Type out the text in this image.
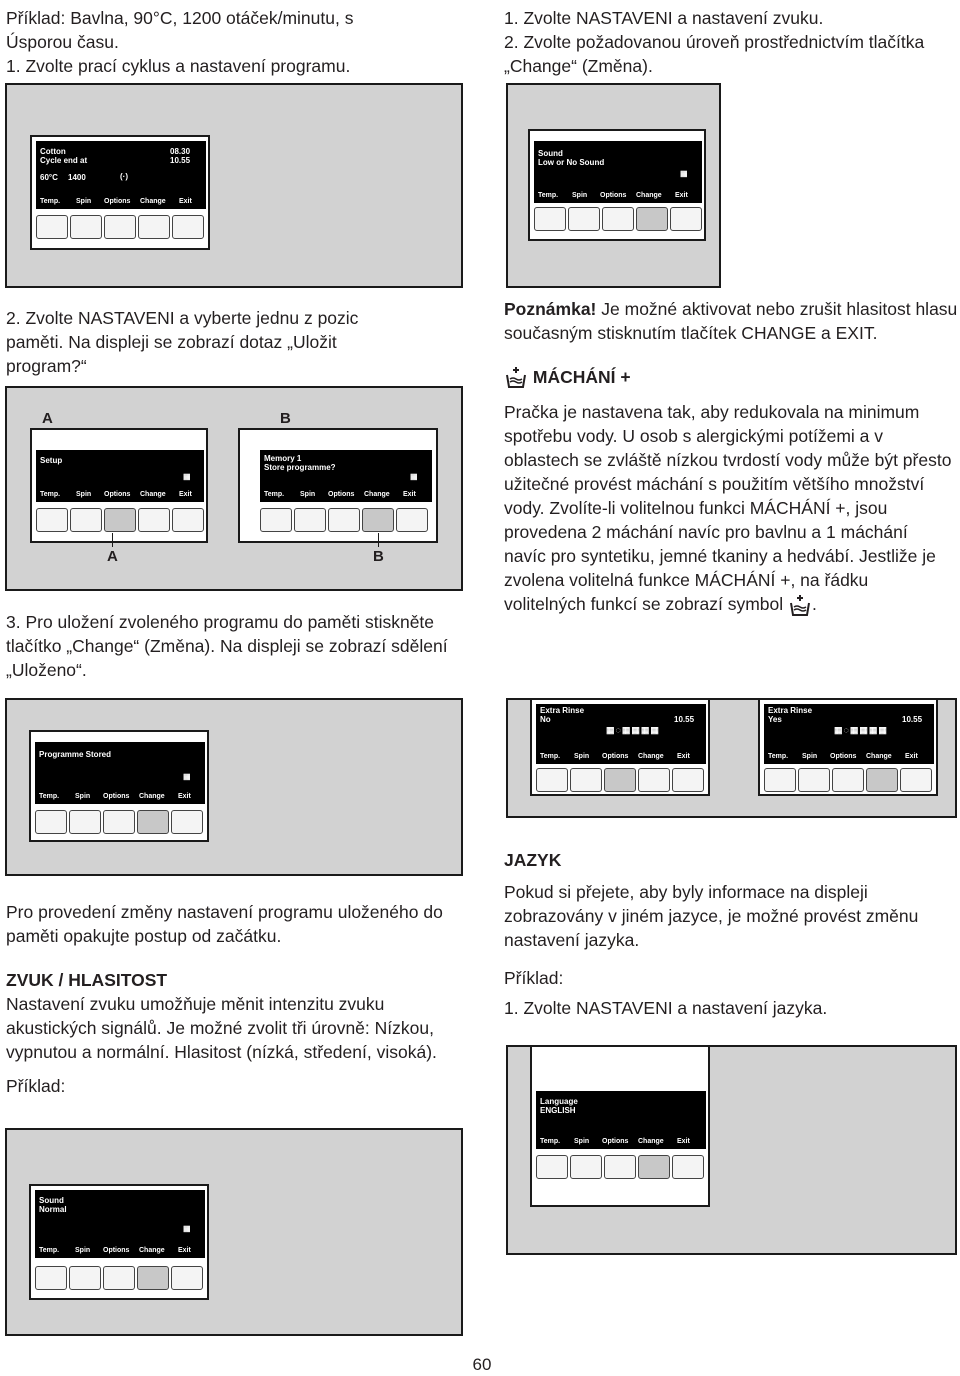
Příklad: Bavlna, 90°C, 1200 otáček/minutu, s Úsporou času.

1. Zvolte prací cyklus a nastavení programu.

Cotton
Cycle end at
08.30
10.55
60°C 1400	(·)
Temp. Spin Options Change Exit

2. Zvolte NASTAVENI a vyberte jednu z pozic paměti. Na displeji se zobrazí dotaz „Uložit program?“

A	B
Setup
▦
Temp. Spin Options Change Exit
Memory 1
Store programme?
▦
Temp. Spin Options Change Exit
A	B

3. Pro uložení zvoleného programu do paměti stiskněte tlačítko „Change“ (Změna). Na displeji se zobrazí sdělení „Uloženo“.

Programme Stored
▦
Temp. Spin Options Change Exit

Pro provedení změny nastavení programu uloženého do paměti opakujte postup od začátku.

ZVUK / HLASITOST

Nastavení zvuku umožňuje měnit intenzitu zvuku akustických signálů. Je možné zvolit tři úrovně: Nízkou, vypnutou a normální. Hlasitost (nízká, středení, visoká).

Příklad:

Sound
Normal
▦
Temp. Spin Options Change Exit

1. Zvolte NASTAVENI a nastavení zvuku.

2. Zvolte požadovanou úroveň prostřednictvím tlačítka „Change“ (Změna).

Sound
Low or No Sound
▦
Temp. Spin Options Change Exit

Poznámka! Je možné aktivovat nebo zrušit hlasitost hlasu současným stisknutím tlačítek CHANGE a EXIT.

MÁCHÁNÍ +

Pračka je nastavena tak, aby redukovala na minimum spotřebu vody. U osob s alergickými potížemi a v oblastech se zvláště nízkou tvrdostí vody může být přesto užitečné provést máchání s použitím většího množství vody. Zvolíte-li volitelnou funkci MÁCHÁNÍ +, jsou provedena 2 máchání navíc pro bavlnu a 1 máchání navíc pro syntetiku, jemné tkaniny a hedvábí. Jestliže je zvolena volitelná funkce MÁCHÁNÍ +, na řádku volitelných funkcí se zobrazí symbol .

Extra Rinse
No	10.55
▦◌▦▦▦▦
Temp. Spin Options Change Exit
Extra Rinse
Yes	10.55
▦◌▦▦▦▦
Temp. Spin Options Change Exit

JAZYK

Pokud si přejete, aby byly informace na displeji zobrazovány v jiném jazyce, je možné provést změnu nastavení jazyka.

Příklad:

1. Zvolte NASTAVENI a nastavení jazyka.

Language
ENGLISH
Temp. Spin Options Change Exit
60
